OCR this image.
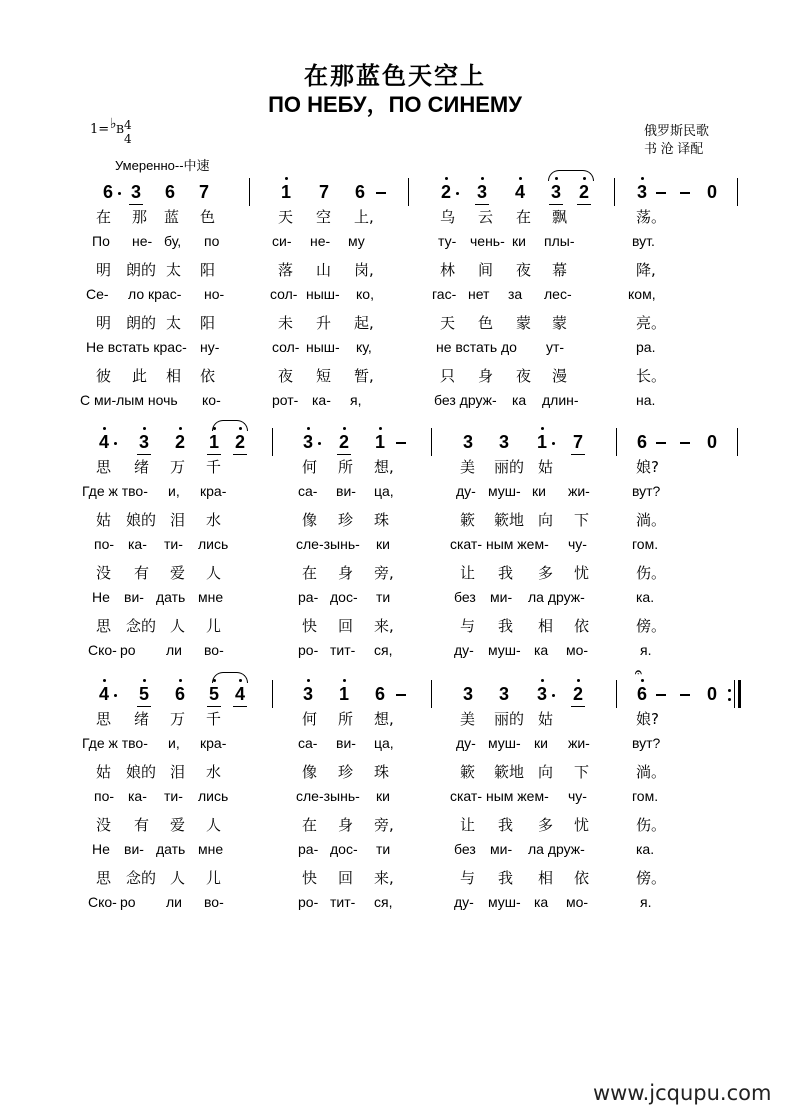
在那蓝色天空上
ПО НЕБУ，ПО СИНЕМУ
1= ♭ B 4
4
Умеренно--中速
俄罗斯民歌
书 沧 译配
6 3 6 7	1 7 6	2 3 4 3 2	3	0
在 那 蓝 色	天 空 上,	乌 云 在 飘	荡。
По не- бу, по	си- не- му	ту- чень- ки плы-	вут.
明 朗的 太 阳	落 山 岗,	林 间 夜 幕	降,
Се- ло крас- но-	сол- ныш- ко,	гас- нет за лес-	ком,
明 朗的 太 阳	未 升 起,	天 色 蒙 蒙	亮。
Не встать крас- ну-	сол- ныш- ку,	не встать до ут-	ра.
彼 此 相 依	夜 短 暂,	只 身 夜 漫	长。
С ми-лым ночь ко-	рот- ка- я,	без друж- ка длин-	на.
4 3 2 1 2	3 2 1	3 3 1 7	6	0
思 绪 万 千	何 所 想,	美 丽的 姑	娘?
Где ж тво- и, кра-	са- ви- ца,	ду- муш- ки жи-	вут?
姑 娘的 泪 水	像 珍 珠	簌 簌地 向 下	淌。
по- ка- ти- лись	сле-зынь- ки	скат- ным жем- чу-	гом.
没 有 爱 人	在 身 旁,	让 我 多 忧	伤。
Не ви- дать мне	ра- дос- ти	без ми- ла друж-	ка.
思 念的 人 儿	快 回 来,	与 我 相 依	傍。
Ско- ро ли во-	ро- тит- ся,	ду- муш- ка мо-	я.
4 5 6 5 4	3 1 6	3 3 3 2	6
𝄐
0
思 绪 万 千	何 所 想,	美 丽的 姑	娘?
Где ж тво- и, кра-	са- ви- ца,	ду- муш- ки жи-	вут?
姑 娘的 泪 水	像 珍 珠	簌 簌地 向 下	淌。
по- ка- ти- лись	сле-зынь- ки	скат- ным жем- чу-	гом.
没 有 爱 人	在 身 旁,	让 我 多 忧	伤。
Не ви- дать мне	ра- дос- ти	без ми- ла друж-	ка.
思 念的 人 儿	快 回 来,	与 我 相 依	傍。
Ско- ро ли во-	ро- тит- ся,	ду- муш- ка мо-	я.
www.jcqupu.com
